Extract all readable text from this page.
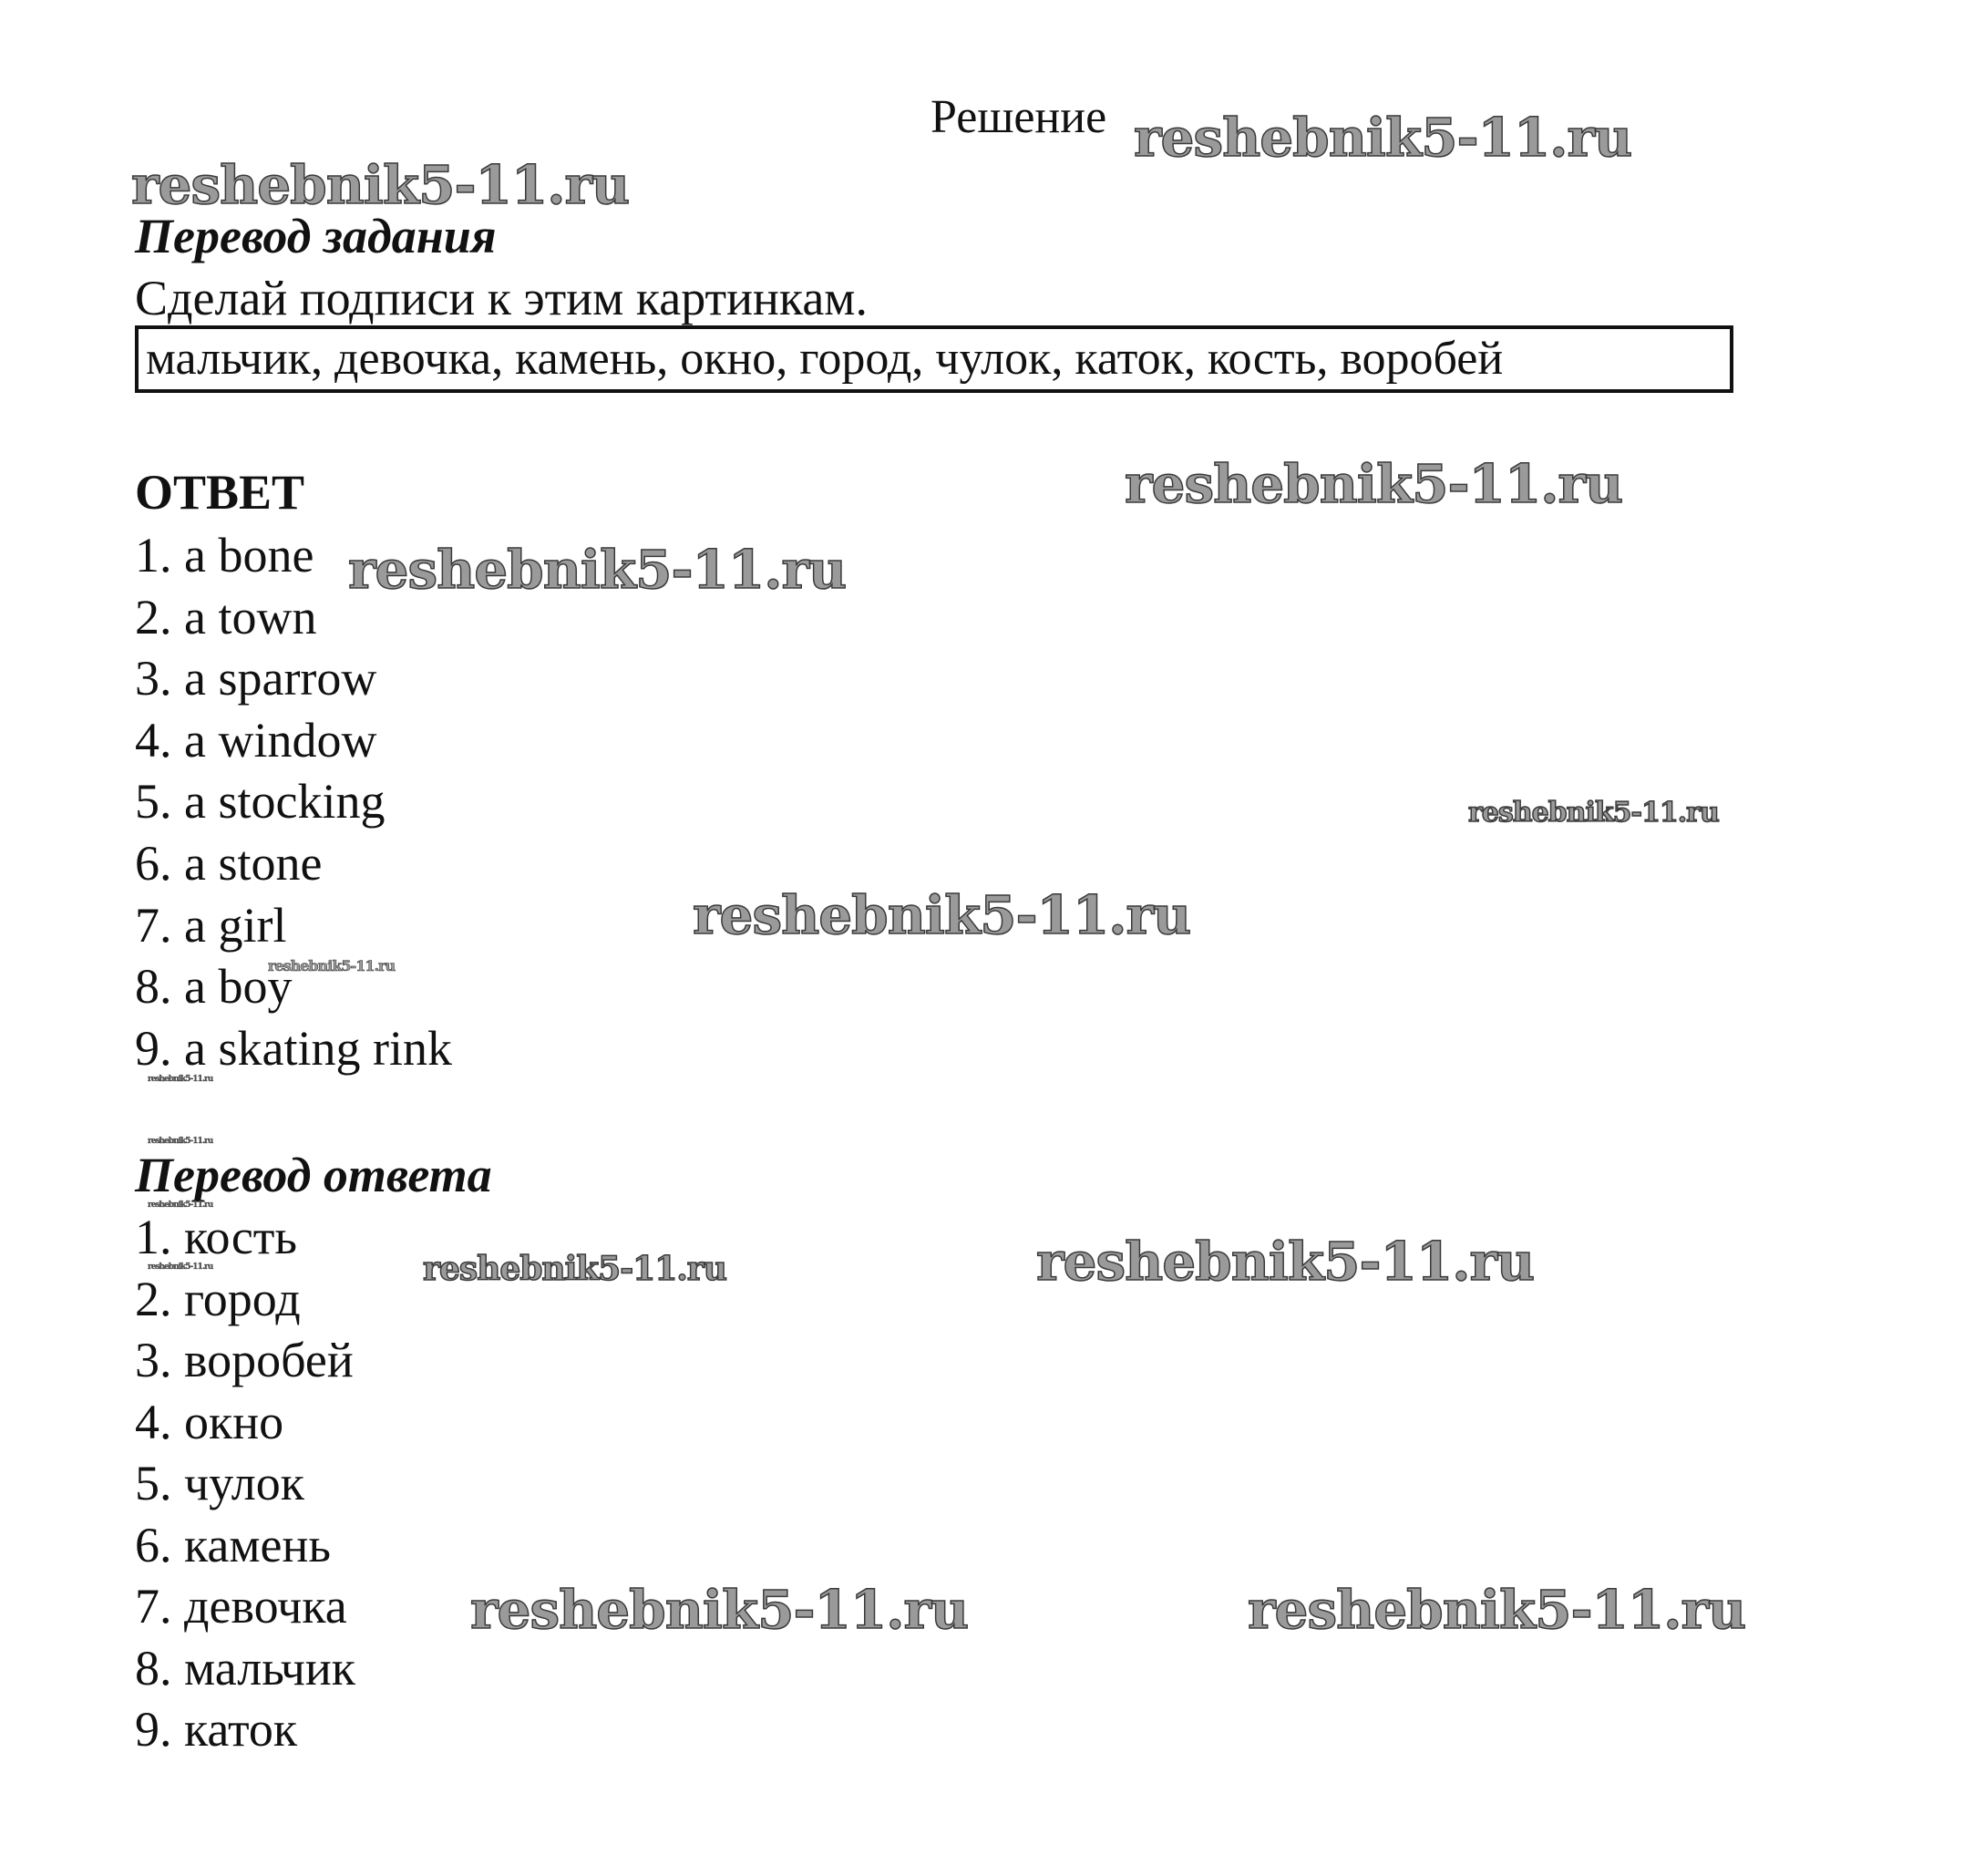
Решение
Перевод задания
Сделай подписи к этим картинкам.
мальчик, девочка, камень, окно, город, чулок, каток, кость, воробей
ОТВЕТ
1. a bone
2. a town
3. a sparrow
4. a window
5. a stocking
6. a stone
7. a girl
8. a boy
9. a skating rink
Перевод ответа
1. кость
2. город
3. воробей
4. окно
5. чулок
6. камень
7. девочка
8. мальчик
9. каток
reshebnik5-11.ru
reshebnik5-11.ru
reshebnik5-11.ru
reshebnik5-11.ru
reshebnik5-11.ru
reshebnik5-11.ru
reshebnik5-11.ru
reshebnik5-11.ru
reshebnik5-11.ru
reshebnik5-11.ru
reshebnik5-11.ru	reshebnik5-11.ru	reshebnik5-11.ru
reshebnik5-11.ru	reshebnik5-11.ru
